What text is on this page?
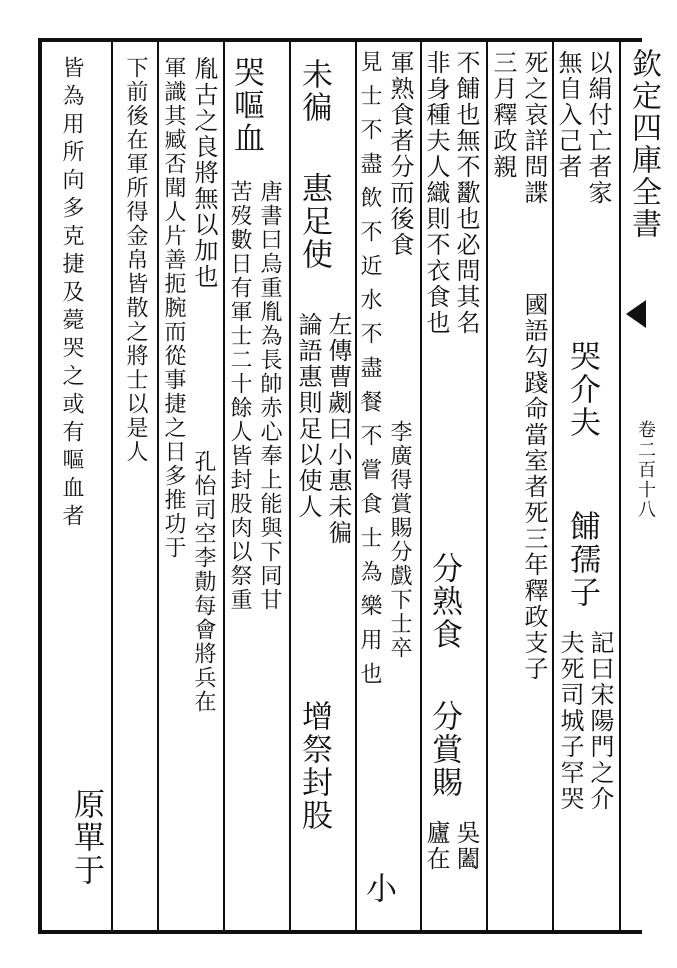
欽定四庫全書
卷二百十八
以絹付亡者家
無自入己者
死之哀詳問諜
三月釋政親
國語勾踐命當室者死三年釋政支子 哭介夫
餔孺子
記曰宋陽門之介
夫死司城子罕哭
不餔也無不歠也必問其名
非身種夫人織則不衣食也
分熟食
分賞賜
吳闔
廬在
軍熟食者分而後食
李廣得賞賜分戲下士卒
見士不盡飲不近水不盡餐不嘗食士為樂用也
小
未徧
惠足使
左傳曹劌曰小惠未徧
論語惠則足以使人
增祭封股
哭嘔血
唐書曰烏重胤為長帥赤心奉上能與下同甘
苦歿數日有軍士二十餘人皆封股肉以祭重
胤古之良將無以加也
孔怡司空李勣每會將兵在
軍識其臧否聞人片善扼腕而從事捷之日多推功于
下前後在軍所得金帛皆散之將士以是人
皆為用所向多克捷及薨哭之或有嘔血者
原單于
